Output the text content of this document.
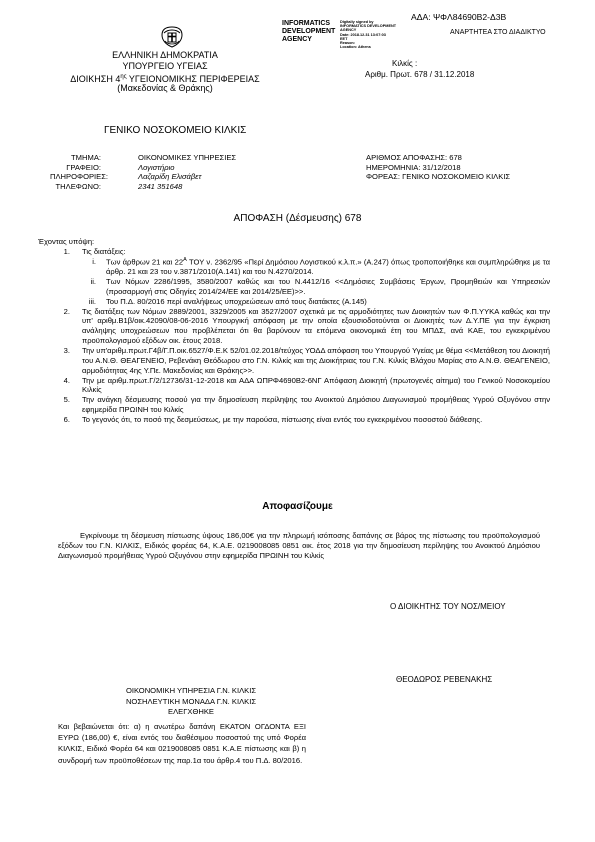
ΑΔΑ: ΨΦΛ84690Β2-Δ3Β
INFORMATICS
DEVELOPMENT
AGENCY
Digitally signed by
INFORMATICS DEVELOPMENT
AGENCY
Date: 2018.12.31 13:07:03
EET
Reason:
Location: Athens
ΑΝΑΡΤΗΤΕΑ ΣΤΟ ΔΙΑΔΙΚΤΥΟ
ΕΛΛΗΝΙΚΗ ΔΗΜΟΚΡΑΤΙΑ
ΥΠΟΥΡΓΕΙΟ ΥΓΕΙΑΣ
ΔΙΟΙΚΗΣΗ $4^{\eta\varsigma}$ ΥΓΕΙΟΝΟΜΙΚΗΣ ΠΕΡΙΦΕΡΕΙΑΣ
(Μακεδονίας & Θράκης)
Κιλκίς :
Αριθμ. Πρωτ. 678 / 31.12.2018
ΓΕΝΙΚΟ ΝΟΣΟΚΟΜΕΙΟ ΚΙΛΚΙΣ
ΤΜΗΜΑ:	ΟΙΚΟΝΟΜΙΚΕΣ ΥΠΗΡΕΣΙΕΣ
ΓΡΑΦΕΙΟ:	Λογιστήριο
ΠΛΗΡΟΦΟΡΙΕΣ:	Λαζαρίδη Ελισάβετ
ΤΗΛΕΦΩΝΟ:	2341 351648
ΑΡΙΘΜΟΣ ΑΠΟΦΑΣΗΣ: 678
ΗΜΕΡΟΜΗΝΙΑ: 31/12/2018
ΦΟΡΕΑΣ: ΓΕΝΙΚΟ ΝΟΣΟΚΟΜΕΙΟ ΚΙΛΚΙΣ
ΑΠΟΦΑΣΗ (Δέσμευσης) 678
Έχοντας υπόψη:
1.	Τις διατάξεις:
i.	Των άρθρων 21 και $22^A$ ΤΟΥ ν. 2362/95 «Περί Δημόσιου Λογιστικού κ.λ.π.» (Α.247) όπως τροποποιήθηκε και συμπληρώθηκε με τα άρθρ. 21 και 23 του ν.3871/2010(Α.141) και του Ν.4270/2014.
ii.	Των Νόμων 2286/1995, 3580/2007 καθώς και του Ν.4412/16 <<Δημόσιες Συμβάσεις Έργων, Προμηθειών και Υπηρεσιών (προσαρμογή στις Οδηγίες 2014/24/ΕΕ και 2014/25/ΕΕ)>>.
iii.	Του Π.Δ. 80/2016 περί αναλήψεως υποχρεώσεων από τους διατάκτες (Α.145)
2.	Τις διατάξεις των Νόμων 2889/2001, 3329/2005 και 3527/2007 σχετικά με τις αρμοδιότητες των Διοικητών των Φ.Π.ΥΥΚΑ καθώς και την υπ' αριθμ.Β1β/οικ.42090/08-06-2016 Υπουργική απόφαση με την οποία εξουσιοδοτούνται οι Διοικητές των Δ.Υ.ΠΕ για την έγκριση ανάληψης υποχρεώσεων που προβλέπεται ότι θα βαρύνουν τα επόμενα οικονομικά έτη του ΜΠΔΣ, ανά ΚΑΕ, του εγκεκριμένου προϋπολογισμού εξόδων οικ. έτους 2018.
3.	Την υπ'αριθμ.πρωτ.Γ4β/Γ.Π.οικ.6527/Φ.Ε.Κ 52/01.02.2018/τεύχος ΥΟΔΔ απόφαση του Υπουργού Υγείας με θέμα <<Μετάθεση του Διοικητή του Α.Ν.Θ. ΘΕΑΓΕΝΕΙΟ, Ρεβενάκη Θεόδωρου στο Γ.Ν. Κιλκίς και της Διοικήτριας του Γ.Ν. Κιλκίς Βλάχου Μαρίας στο Α.Ν.Θ. ΘΕΑΓΕΝΕΙΟ, αρμοδιότητας 4ης Υ.Πε. Μακεδονίας και Θράκης>>.
4.	Την με αριθμ.πρωτ.Γ/2/12736/31-12-2018 και ΑΔΑ ΩΠΡΦ4690Β2-6ΝΓ Απόφαση Διοικητή (πρωτογενές αίτημα) του Γενικού Νοσοκομείου Κιλκίς
5.	Την ανάγκη δέσμευσης ποσού για την δημοσίευση περίληψης του Ανοικτού Δημόσιου Διαγωνισμού προμήθειας Υγρού Οξυγόνου στην εφημερίδα ΠΡΩΙΝΗ του Κιλκίς
6.	Το γεγονός ότι, το ποσό της δεσμεύσεως, με την παρούσα, πίστωσης είναι εντός του εγκεκριμένου ποσοστού διάθεσης.
Αποφασίζουμε
Εγκρίνουμε τη δέσμευση πίστωσης ύψους 186,00€ για την πληρωμή ισόποσης δαπάνης σε βάρος της πίστωσης του προϋπολογισμού εξόδων του Γ.Ν. ΚΙΛΚΙΣ, Ειδικός φορέας 64, Κ.Α.Ε. 0219008085 0851 οικ. έτος 2018 για την δημοσίευση περίληψης του Ανοικτού Δημόσιου Διαγωνισμού προμήθειας Υγρού Οξυγόνου στην εφημερίδα ΠΡΩΙΝΗ του Κιλκίς
Ο ΔΙΟΙΚΗΤΗΣ ΤΟΥ ΝΟΣ/ΜΕΙΟΥ
ΘΕΟΔΩΡΟΣ ΡΕΒΕΝΑΚΗΣ
ΟΙΚΟΝΟΜΙΚΗ ΥΠΗΡΕΣΙΑ Γ.Ν. ΚΙΛΚΙΣ
ΝΟΣΗΛΕΥΤΙΚΗ ΜΟΝΑΔΑ Γ.Ν. ΚΙΛΚΙΣ
ΕΛΕΓΧΘΗΚΕ
Και βεβαιώνεται ότι: α) η ανωτέρω δαπάνη ΕΚΑΤΟΝ ΟΓΔΟΝΤΑ ΕΞΙ ΕΥΡΩ (186,00) €, είναι εντός του διαθέσιμου ποσοστού της υπό Φορέα ΚΙΛΚΙΣ, Ειδικό Φορέα 64 και 0219008085 0851 Κ.Α.Ε πίστωσης και β) η συνδρομή των προϋποθέσεων της παρ.1α του άρθρ.4 του Π.Δ. 80/2016.
